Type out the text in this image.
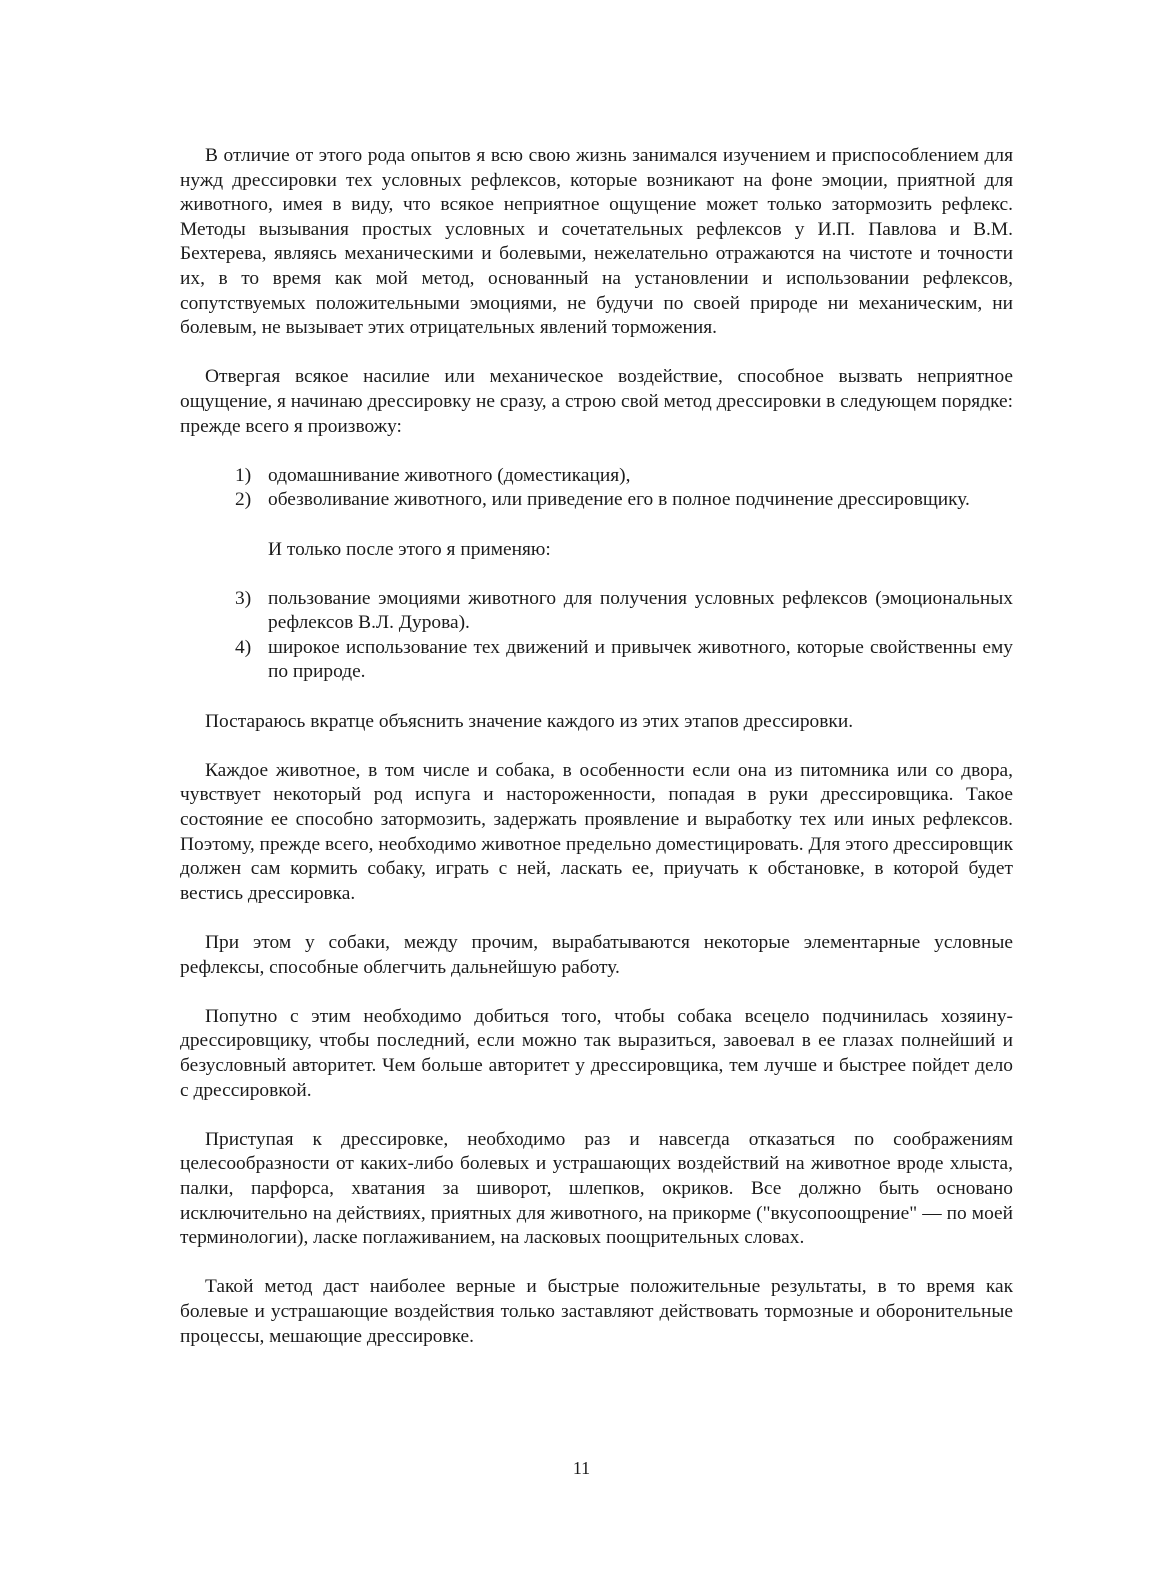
В отличие от этого рода опытов я всю свою жизнь занимался изучением и приспособлением для нужд дрессировки тех условных рефлексов, которые возникают на фоне эмоции, приятной для животного, имея в виду, что всякое неприятное ощущение может только затормозить рефлекс. Методы вызывания простых условных и сочетательных рефлексов у И.П. Павлова и В.М. Бехтерева, являясь механическими и болевыми, нежелательно отражаются на чистоте и точности их, в то время как мой метод, основанный на установлении и использовании рефлексов, сопутствуемых положительными эмоциями, не будучи по своей природе ни механическим, ни болевым, не вызывает этих отрицательных явлений торможения.

Отвергая всякое насилие или механическое воздействие, способное вызвать неприятное ощущение, я начинаю дрессировку не сразу, а строю свой метод дрессировки в следующем порядке: прежде всего я произвожу:

1) одомашнивание животного (доместикация),
2) обезволивание животного, или приведение его в полное подчинение дрессировщику.

И только после этого я применяю:

3) пользование эмоциями животного для получения условных рефлексов (эмоциональных рефлексов В.Л. Дурова).
4) широкое использование тех движений и привычек животного, которые свойственны ему по природе.

Постараюсь вкратце объяснить значение каждого из этих этапов дрессировки.

Каждое животное, в том числе и собака, в особенности если она из питомника или со двора, чувствует некоторый род испуга и настороженности, попадая в руки дрессировщика. Такое состояние ее способно затормозить, задержать проявление и выработку тех или иных рефлексов. Поэтому, прежде всего, необходимо животное предельно доместицировать. Для этого дрессировщик должен сам кормить собаку, играть с ней, ласкать ее, приучать к обстановке, в которой будет вестись дрессировка.

При этом у собаки, между прочим, вырабатываются некоторые элементарные условные рефлексы, способные облегчить дальнейшую работу.

Попутно с этим необходимо добиться того, чтобы собака всецело подчинилась хозяину-дрессировщику, чтобы последний, если можно так выразиться, завоевал в ее глазах полнейший и безусловный авторитет. Чем больше авторитет у дрессировщика, тем лучше и быстрее пойдет дело с дрессировкой.

Приступая к дрессировке, необходимо раз и навсегда отказаться по соображениям целесообразности от каких-либо болевых и устрашающих воздействий на животное вроде хлыста, палки, парфорса, хватания за шиворот, шлепков, окриков. Все должно быть основано исключительно на действиях, приятных для животного, на прикорме ("вкусопоощрение" — по моей терминологии), ласке поглаживанием, на ласковых поощрительных словах.

Такой метод даст наиболее верные и быстрые положительные результаты, в то время как болевые и устрашающие воздействия только заставляют действовать тормозные и оборонительные процессы, мешающие дрессировке.

11
